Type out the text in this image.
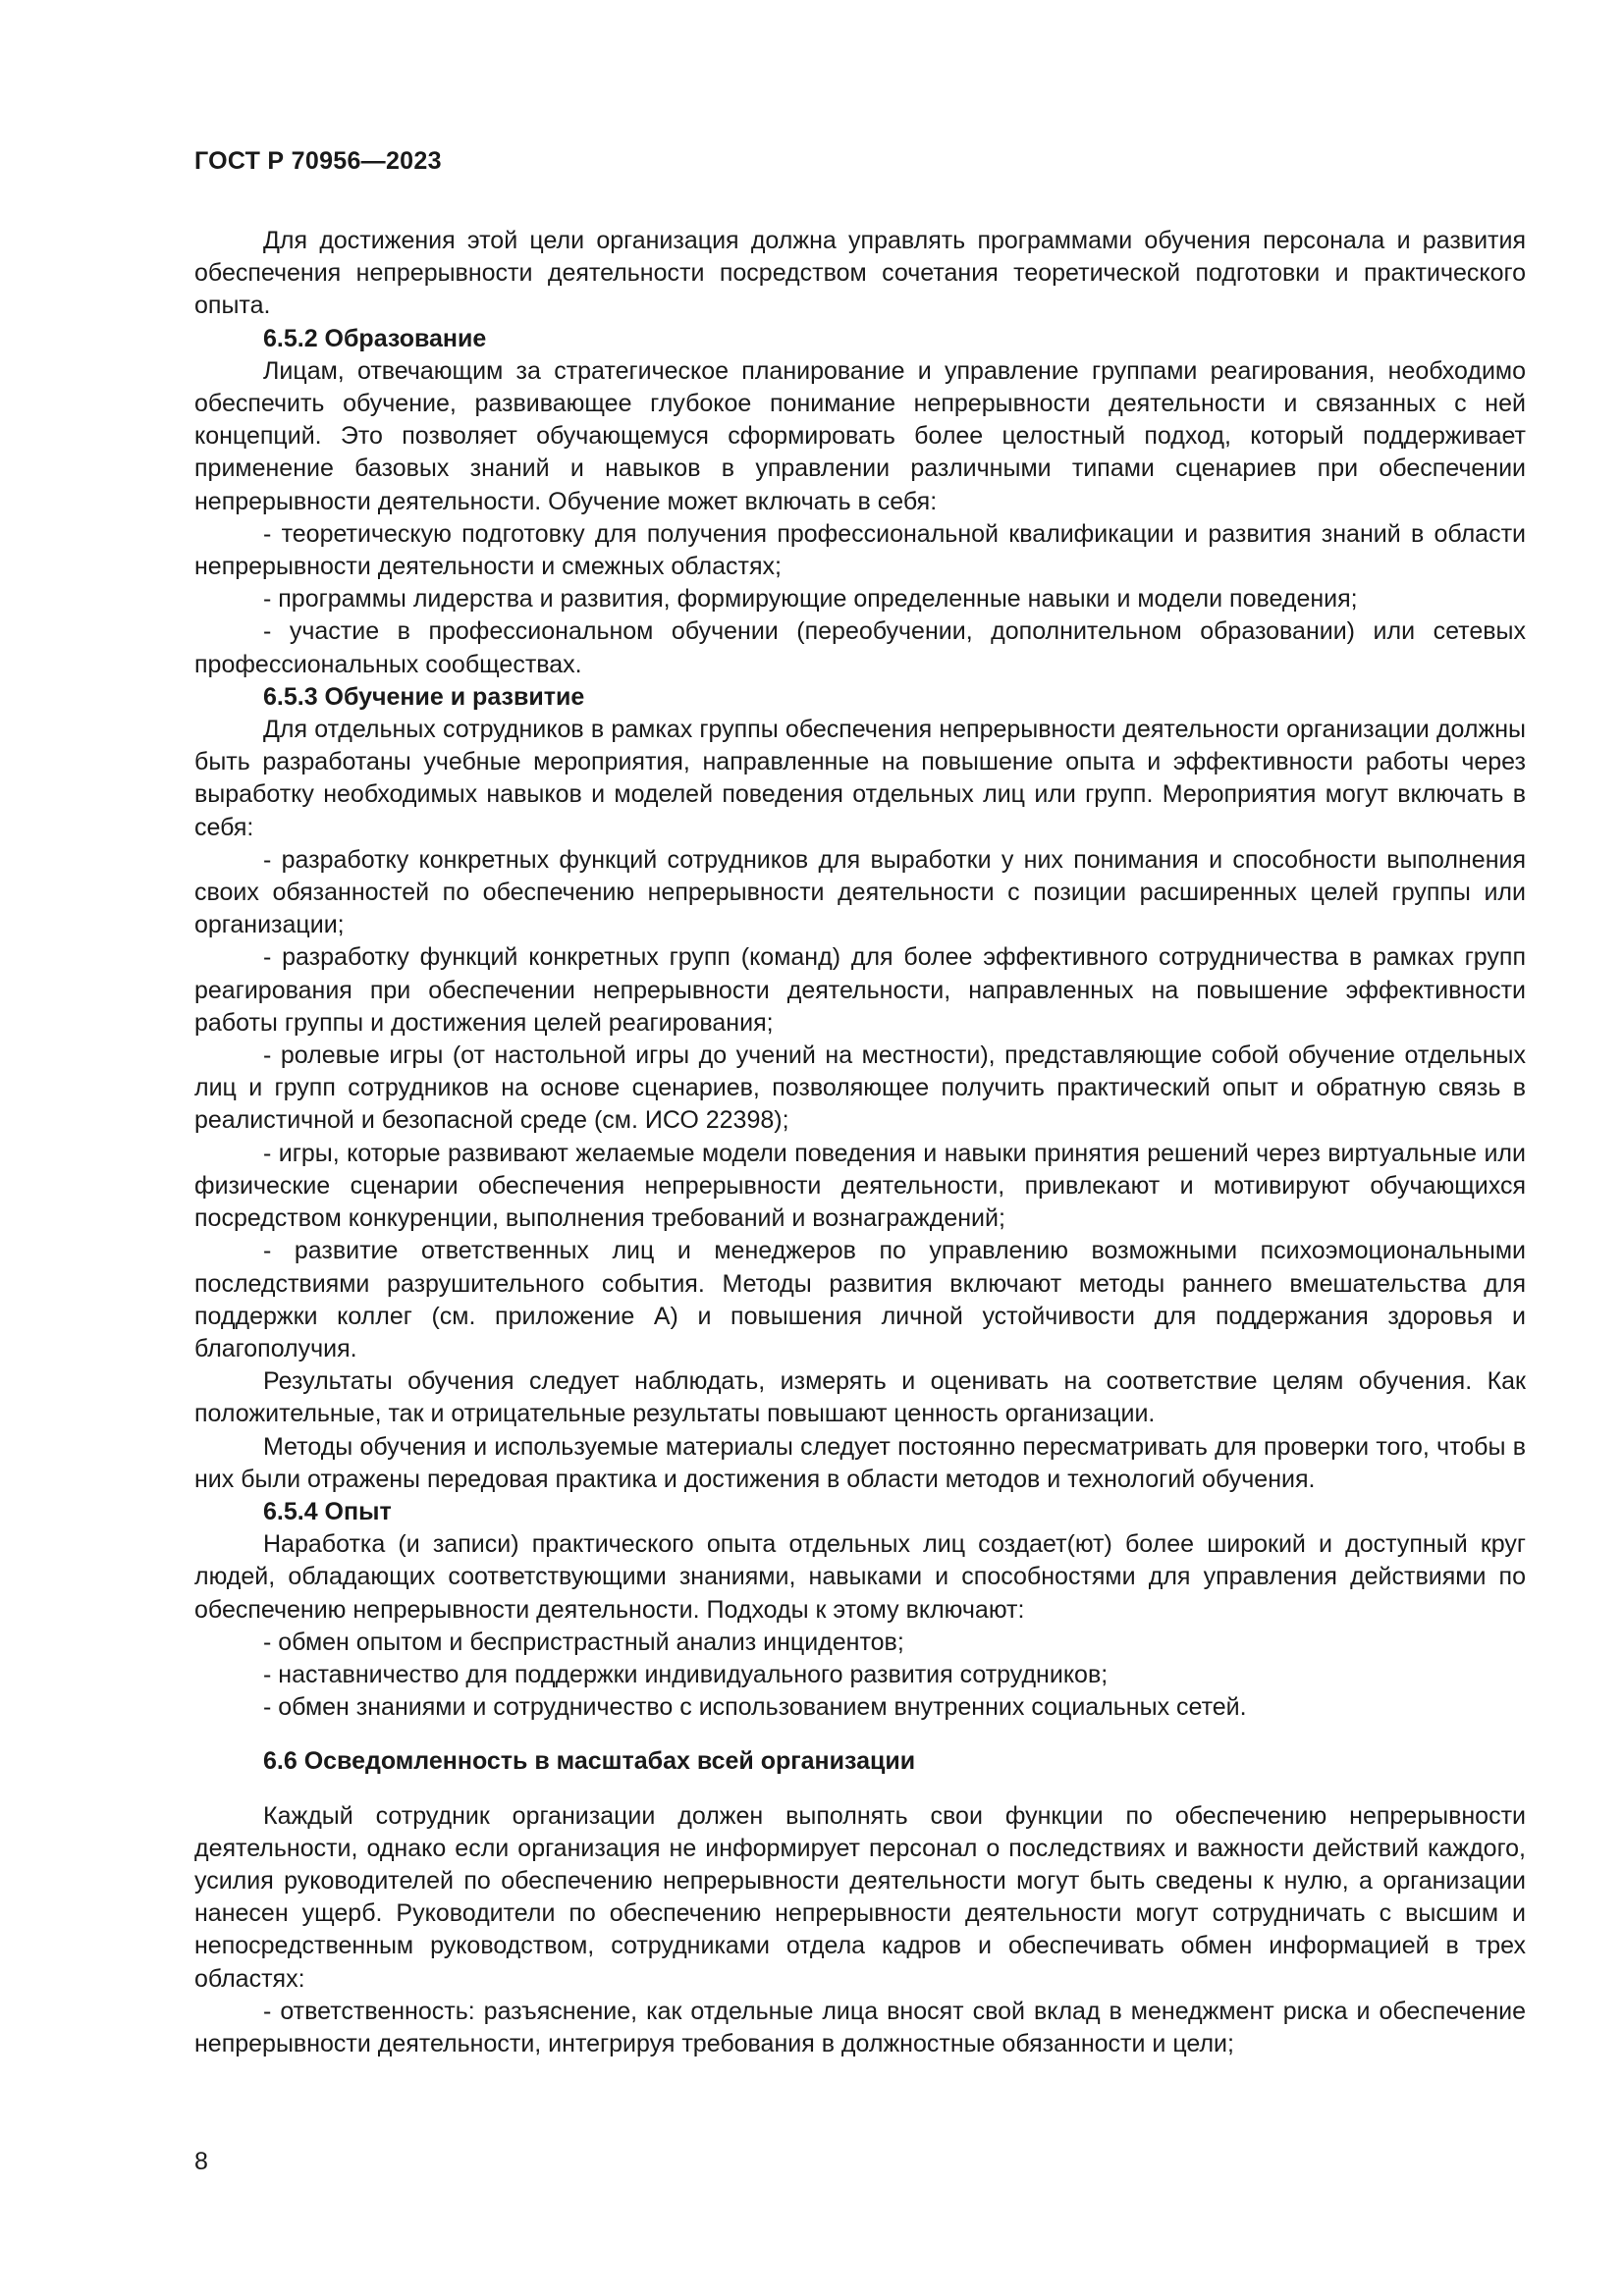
ГОСТ Р 70956—2023

Для достижения этой цели организация должна управлять программами обучения персонала и развития обеспечения непрерывности деятельности посредством сочетания теоретической подготовки и практического опыта.

6.5.2 Образование

Лицам, отвечающим за стратегическое планирование и управление группами реагирования, необходимо обеспечить обучение, развивающее глубокое понимание непрерывности деятельности и связанных с ней концепций. Это позволяет обучающемуся сформировать более целостный подход, который поддерживает применение базовых знаний и навыков в управлении различными типами сценариев при обеспечении непрерывности деятельности. Обучение может включать в себя:

- теоретическую подготовку для получения профессиональной квалификации и развития знаний в области непрерывности деятельности и смежных областях;

- программы лидерства и развития, формирующие определенные навыки и модели поведения;

- участие в профессиональном обучении (переобучении, дополнительном образовании) или сетевых профессиональных сообществах.

6.5.3 Обучение и развитие

Для отдельных сотрудников в рамках группы обеспечения непрерывности деятельности организации должны быть разработаны учебные мероприятия, направленные на повышение опыта и эффективности работы через выработку необходимых навыков и моделей поведения отдельных лиц или групп. Мероприятия могут включать в себя:

- разработку конкретных функций сотрудников для выработки у них понимания и способности выполнения своих обязанностей по обеспечению непрерывности деятельности с позиции расширенных целей группы или организации;

- разработку функций конкретных групп (команд) для более эффективного сотрудничества в рамках групп реагирования при обеспечении непрерывности деятельности, направленных на повышение эффективности работы группы и достижения целей реагирования;

- ролевые игры (от настольной игры до учений на местности), представляющие собой обучение отдельных лиц и групп сотрудников на основе сценариев, позволяющее получить практический опыт и обратную связь в реалистичной и безопасной среде (см. ИСО 22398);

- игры, которые развивают желаемые модели поведения и навыки принятия решений через виртуальные или физические сценарии обеспечения непрерывности деятельности, привлекают и мотивируют обучающихся посредством конкуренции, выполнения требований и вознаграждений;

- развитие ответственных лиц и менеджеров по управлению возможными психоэмоциональными последствиями разрушительного события. Методы развития включают методы раннего вмешательства для поддержки коллег (см. приложение А) и повышения личной устойчивости для поддержания здоровья и благополучия.

Результаты обучения следует наблюдать, измерять и оценивать на соответствие целям обучения. Как положительные, так и отрицательные результаты повышают ценность организации.

Методы обучения и используемые материалы следует постоянно пересматривать для проверки того, чтобы в них были отражены передовая практика и достижения в области методов и технологий обучения.

6.5.4 Опыт

Наработка (и записи) практического опыта отдельных лиц создает(ют) более широкий и доступный круг людей, обладающих соответствующими знаниями, навыками и способностями для управления действиями по обеспечению непрерывности деятельности. Подходы к этому включают:

- обмен опытом и беспристрастный анализ инцидентов;

- наставничество для поддержки индивидуального развития сотрудников;

- обмен знаниями и сотрудничество с использованием внутренних социальных сетей.

6.6 Осведомленность в масштабах всей организации

Каждый сотрудник организации должен выполнять свои функции по обеспечению непрерывности деятельности, однако если организация не информирует персонал о последствиях и важности действий каждого, усилия руководителей по обеспечению непрерывности деятельности могут быть сведены к нулю, а организации нанесен ущерб. Руководители по обеспечению непрерывности деятельности могут сотрудничать с высшим и непосредственным руководством, сотрудниками отдела кадров и обеспечивать обмен информацией в трех областях:

- ответственность: разъяснение, как отдельные лица вносят свой вклад в менеджмент риска и обеспечение непрерывности деятельности, интегрируя требования в должностные обязанности и цели;

8
